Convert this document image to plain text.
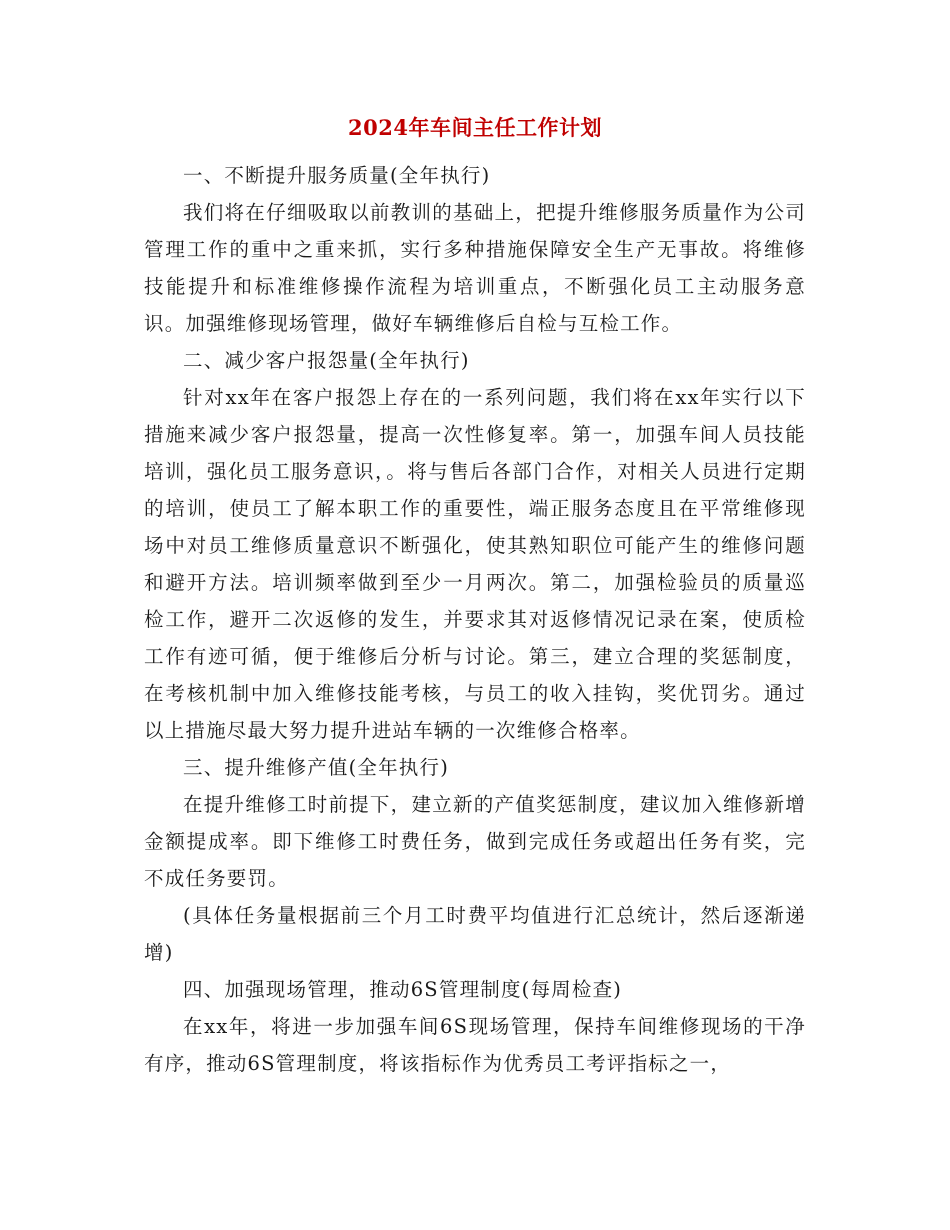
2024年车间主任工作计划

一、不断提升服务质量(全年执行)

我们将在仔细吸取以前教训的基础上，把提升维修服务质量作为公司管理工作的重中之重来抓，实行多种措施保障安全生产无事故。将维修技能提升和标准维修操作流程为培训重点，不断强化员工主动服务意识。加强维修现场管理，做好车辆维修后自检与互检工作。

二、减少客户报怨量(全年执行)

针对xx年在客户报怨上存在的一系列问题，我们将在xx年实行以下措施来减少客户报怨量，提高一次性修复率。第一，加强车间人员技能培训，强化员工服务意识，。将与售后各部门合作，对相关人员进行定期的培训，使员工了解本职工作的重要性，端正服务态度且在平常维修现场中对员工维修质量意识不断强化，使其熟知职位可能产生的维修问题和避开方法。培训频率做到至少一月两次。第二，加强检验员的质量巡检工作，避开二次返修的发生，并要求其对返修情况记录在案，使质检工作有迹可循，便于维修后分析与讨论。第三，建立合理的奖惩制度，在考核机制中加入维修技能考核，与员工的收入挂钩，奖优罚劣。通过以上措施尽最大努力提升进站车辆的一次维修合格率。

三、提升维修产值(全年执行)

在提升维修工时前提下，建立新的产值奖惩制度，建议加入维修新增金额提成率。即下维修工时费任务，做到完成任务或超出任务有奖，完不成任务要罚。

(具体任务量根据前三个月工时费平均值进行汇总统计，然后逐渐递增)

四、加强现场管理，推动6S管理制度(每周检查)

在xx年，将进一步加强车间6S现场管理，保持车间维修现场的干净有序，推动6S管理制度，将该指标作为优秀员工考评指标之一，
